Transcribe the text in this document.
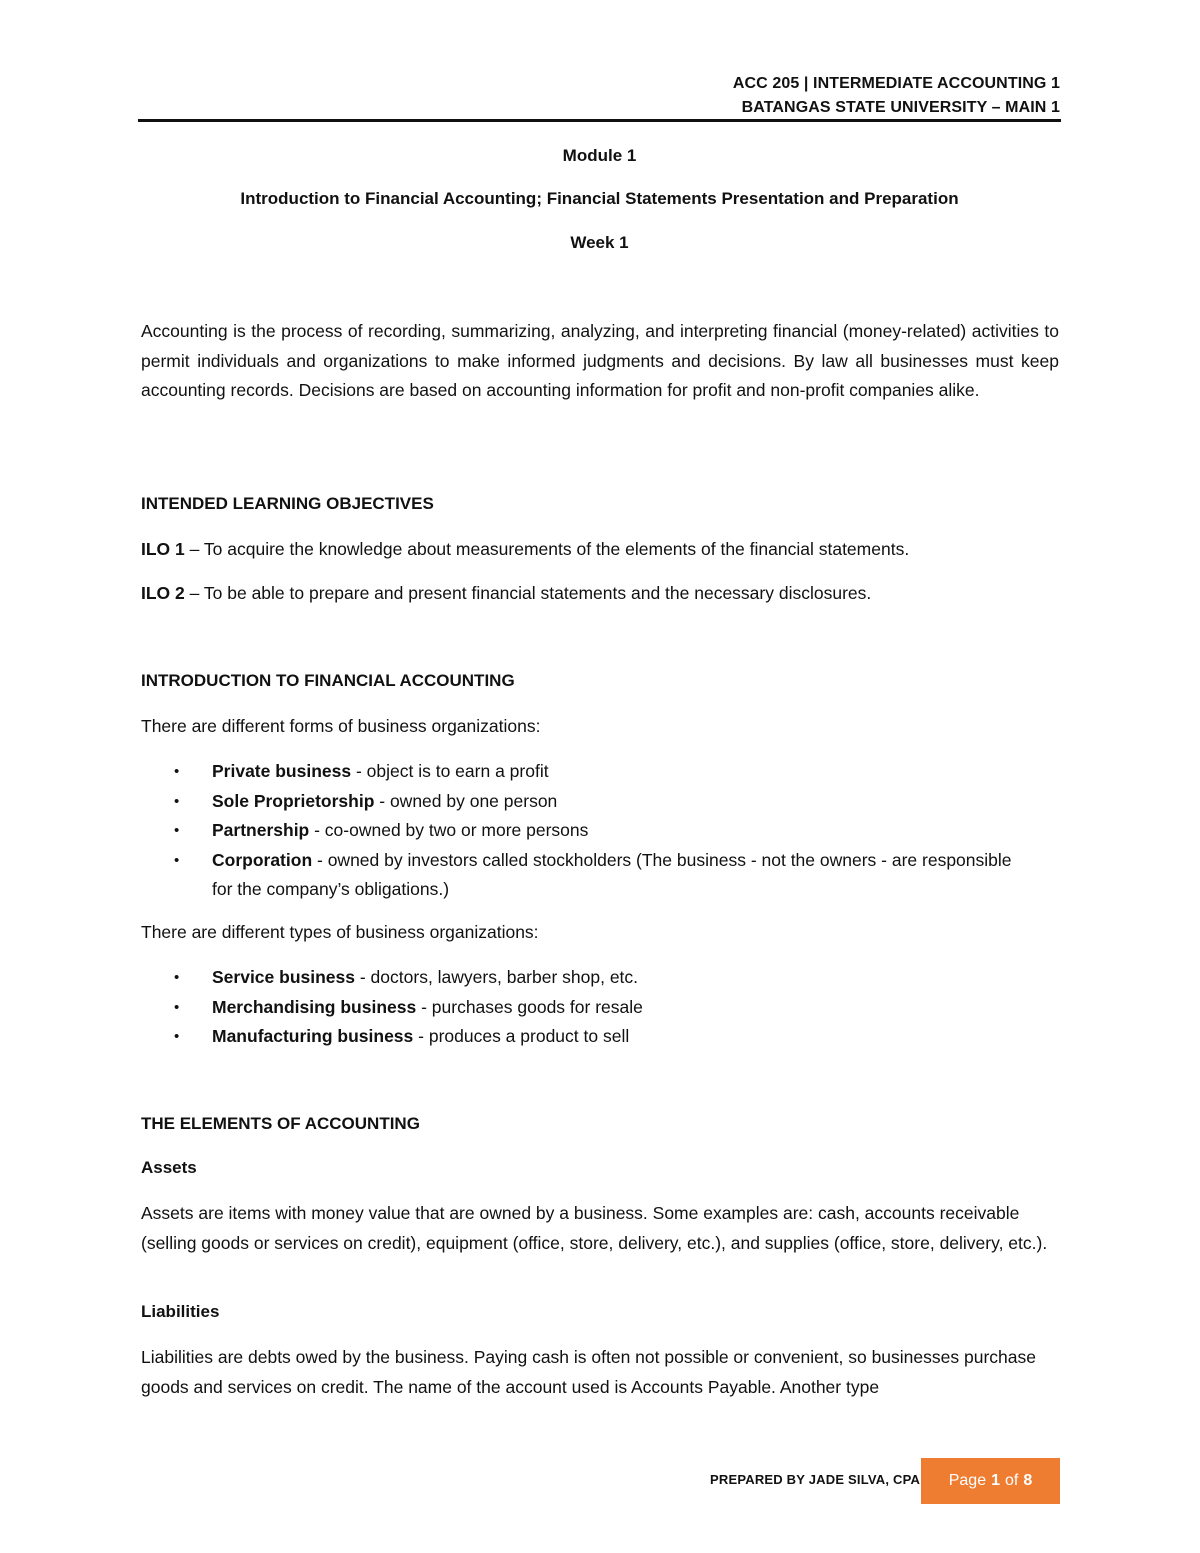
ACC 205 | INTERMEDIATE ACCOUNTING 1
BATANGAS STATE UNIVERSITY – MAIN 1
Module 1
Introduction to Financial Accounting; Financial Statements Presentation and Preparation
Week 1
Accounting is the process of recording, summarizing, analyzing, and interpreting financial (money-related) activities to permit individuals and organizations to make informed judgments and decisions. By law all businesses must keep accounting records. Decisions are based on accounting information for profit and non-profit companies alike.
INTENDED LEARNING OBJECTIVES
ILO 1 – To acquire the knowledge about measurements of the elements of the financial statements.
ILO 2 – To be able to prepare and present financial statements and the necessary disclosures.
INTRODUCTION TO FINANCIAL ACCOUNTING
There are different forms of business organizations:
• Private business - object is to earn a profit
• Sole Proprietorship - owned by one person
• Partnership - co-owned by two or more persons
• Corporation - owned by investors called stockholders (The business - not the owners - are responsible for the company’s obligations.)
There are different types of business organizations:
• Service business - doctors, lawyers, barber shop, etc.
• Merchandising business - purchases goods for resale
• Manufacturing business - produces a product to sell
THE ELEMENTS OF ACCOUNTING
Assets
Assets are items with money value that are owned by a business. Some examples are: cash, accounts receivable (selling goods or services on credit), equipment (office, store, delivery, etc.), and supplies (office, store, delivery, etc.).
Liabilities
Liabilities are debts owed by the business. Paying cash is often not possible or convenient, so businesses purchase goods and services on credit. The name of the account used is Accounts Payable. Another type
PREPARED BY JADE SILVA, CPA Page 1 of 8
